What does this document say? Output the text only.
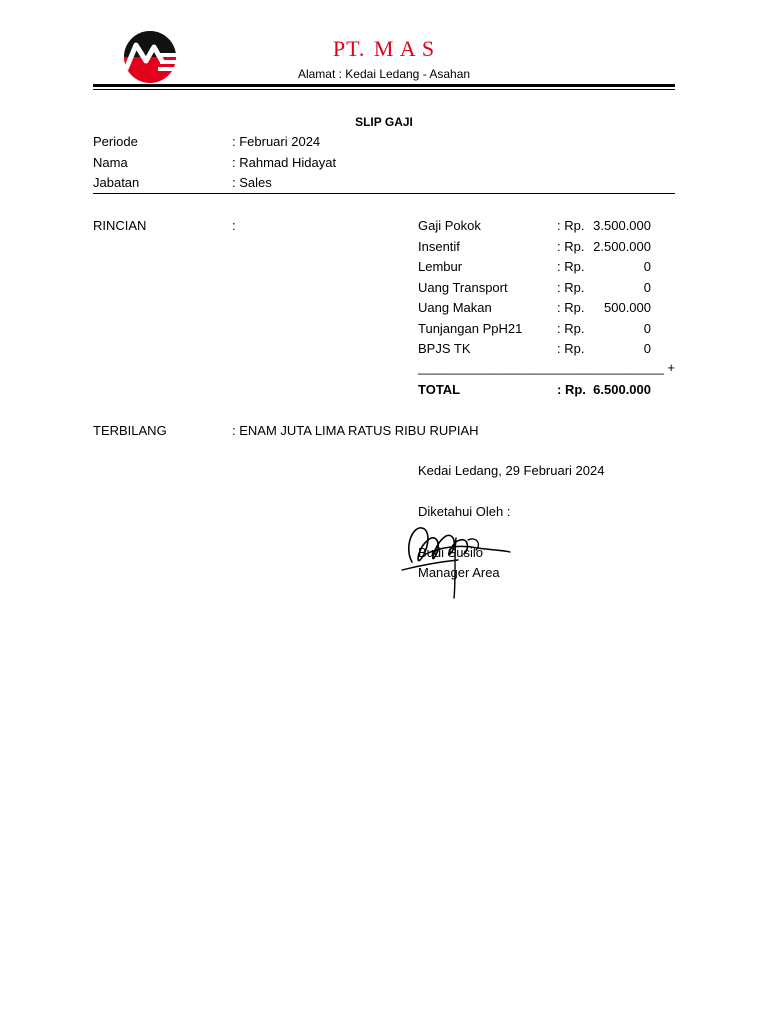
PT. M A S
Alamat : Kedai Ledang - Asahan
SLIP GAJI
Periode	: Februari 2024
Nama	: Rahmad Hidayat
Jabatan	: Sales
RINCIAN	:	Gaji Pokok	: Rp. 3.500.000
Insentif	: Rp. 2.500.000
Lembur	: Rp.	0
Uang Transport	: Rp.	0
Uang Makan	: Rp. 500.000
Tunjangan PpH21	: Rp.	0
BPJS TK	: Rp.	0
__________________________________ +
TOTAL	: Rp. 6.500.000
TERBILANG	: ENAM JUTA LIMA RATUS RIBU RUPIAH
Kedai Ledang, 29 Februari 2024
Diketahui Oleh :
Budi Susilo
Manager Area
